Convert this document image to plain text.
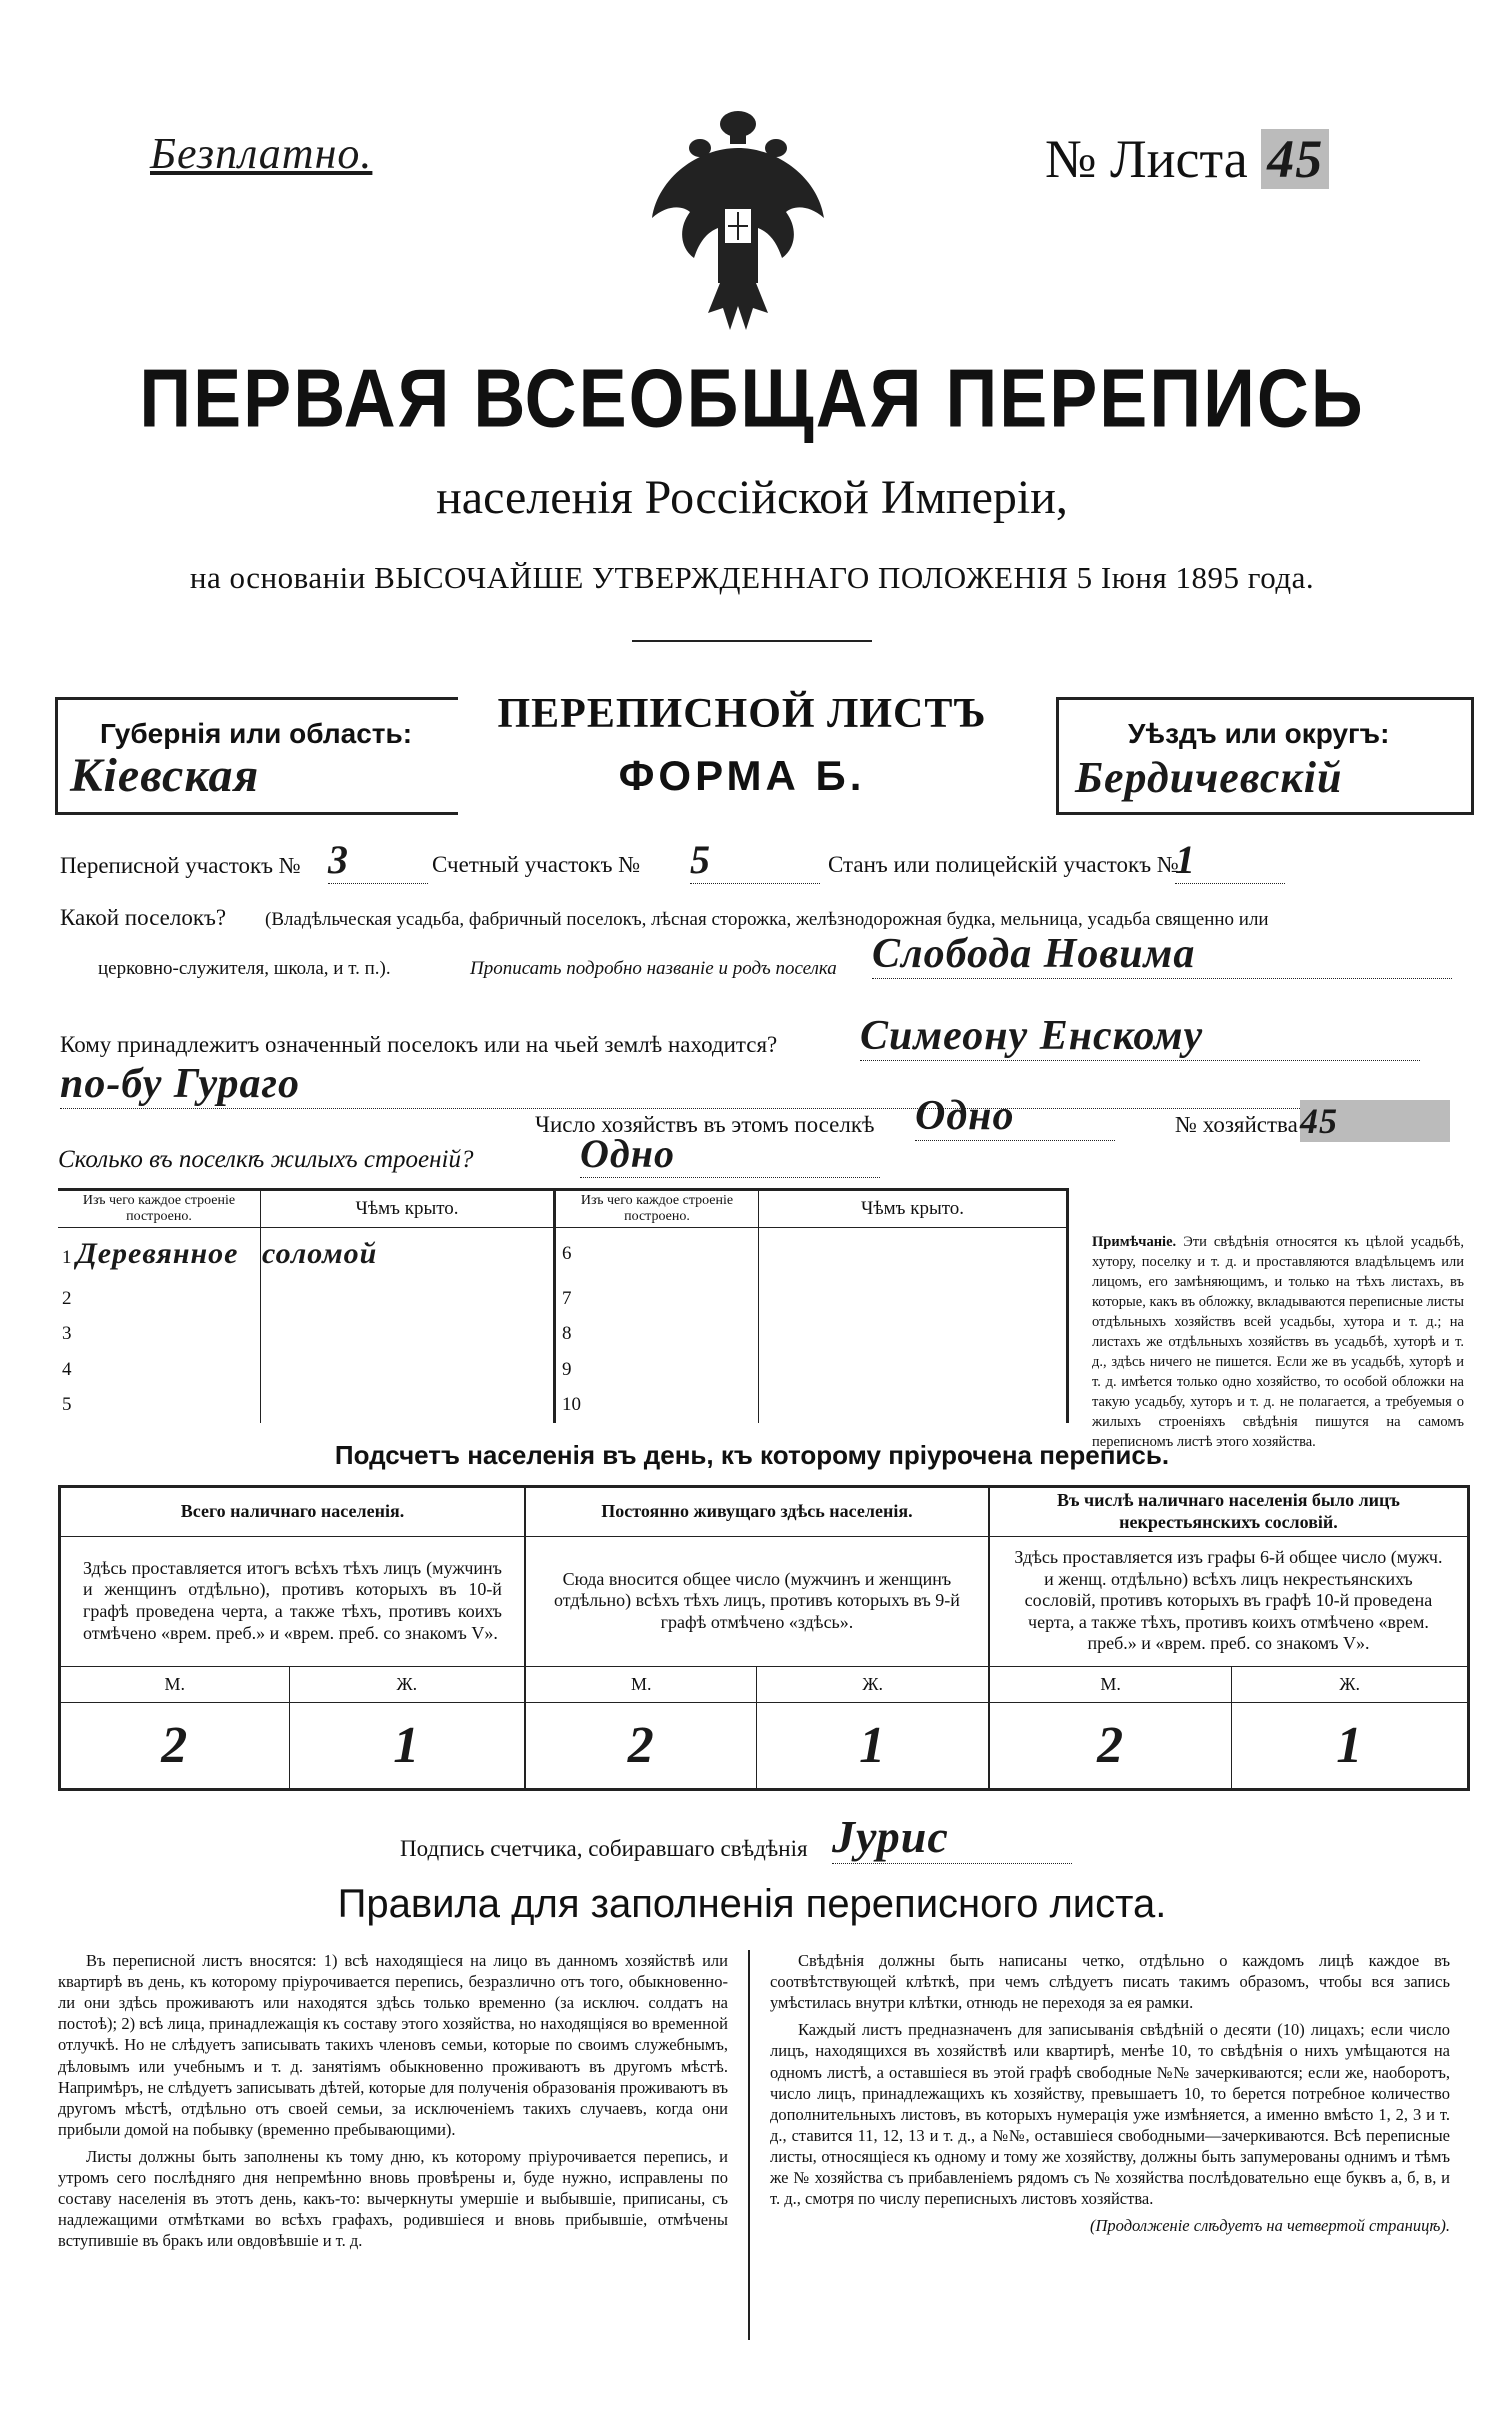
Безплатно.	№ Листа 45
ПЕРВАЯ ВСЕОБЩАЯ ПЕРЕПИСЬ
населенія Россійской Имперіи,
на основаніи ВЫСОЧАЙШЕ УТВЕРЖДЕННАГО ПОЛОЖЕНІЯ 5 Іюня 1895 года.
Губернія или область:
Кіевская
ПЕРЕПИСНОЙ ЛИСТЪ
ФОРМА Б.
Уѣздъ или округъ:
Бердичевскій
Переписной участокъ № 3	Счетный участокъ № 5	Станъ или полицейскій участокъ №
1
Какой поселокъ? (Владѣльческая усадьба, фабричный поселокъ, лѣсная сторожка, желѣзнодорожная будка, мельница, усадьба священно или
церковно-служителя, школа, и т. п.).	Прописать подробно названіе и родъ поселка Слобода Новима
Кому принадлежитъ означенный поселокъ или на чьей землѣ находится? Симеону Енскому
по-бу Гураго
Число хозяйствъ въ этомъ поселкѣ Одно	№ хозяйства 45
Сколько въ поселкѣ жилыхъ строеній?	Одно
Изъ чего каждое строеніе построено.	Чѣмъ крыто.	Изъ чего каждое строеніе построено.	Чѣмъ крыто.
1 Деревянное	соломой	6	
2		7	
3		8	
4		9	
5		10	
Примѣчаніе. Эти свѣдѣнія относятся къ цѣлой усадьбѣ, хутору, поселку и т. д. и проставляются владѣльцемъ или лицомъ, его замѣняющимъ, и только на тѣхъ листахъ, въ которые, какъ въ обложку, вкладываются переписные листы отдѣльныхъ хозяйствъ всей усадьбы, хутора и т. д.; на листахъ же отдѣльныхъ хозяйствъ въ усадьбѣ, хуторѣ и т. д., здѣсь ничего не пишется. Если же въ усадьбѣ, хуторѣ и т. д. имѣется только одно хозяйство, то особой обложки на такую усадьбу, хуторъ и т. д. не полагается, а требуемыя о жилыхъ строеніяхъ свѣдѣнія пишутся на самомъ переписномъ листѣ этого хозяйства.
Подсчетъ населенія въ день, къ которому пріурочена перепись.
Всего наличнаго населенія.		Постоянно живущаго здѣсь населенія.		Въ числѣ наличнаго населенія было лицъ некрестьянскихъ сословій.	
Здѣсь проставляется итогъ всѣхъ тѣхъ лицъ (мужчинъ и женщинъ отдѣльно), противъ которыхъ въ 10-й графѣ проведена черта, а также тѣхъ, противъ коихъ отмѣчено «врем. преб.» и «врем. преб. со знакомъ V».		Сюда вносится общее число (мужчинъ и женщинъ отдѣльно) всѣхъ тѣхъ лицъ, противъ которыхъ въ 9-й графѣ отмѣчено «здѣсь».		Здѣсь проставляется изъ графы 6-й общее число (мужч. и женщ. отдѣльно) всѣхъ лицъ некрестьянскихъ сословій, противъ которыхъ въ графѣ 10-й проведена черта, а также тѣхъ, противъ коихъ отмѣчено «врем. преб.» и «врем. преб. со знакомъ V».	
М.	Ж.	М.	Ж.	М.	Ж.
2	1	2	1	2	1
Подпись счетчика, собиравшаго свѣдѣнія Јурис
Правила для заполненія переписного листа.

Въ переписной листъ вносятся: 1) всѣ находящіеся на лицо въ данномъ хозяйствѣ или квартирѣ въ день, къ которому пріурочивается перепись, безразлично отъ того, обыкновенно-ли они здѣсь проживаютъ или находятся здѣсь только временно (за исключ. солдатъ на постоѣ); 2) всѣ лица, принадлежащія къ составу этого хозяйства, но находящіяся во временной отлучкѣ. Но не слѣдуетъ записывать такихъ членовъ семьи, которые по своимъ служебнымъ, дѣловымъ или учебнымъ и т. д. занятіямъ обыкновенно проживаютъ въ другомъ мѣстѣ. Напримѣръ, не слѣдуетъ записывать дѣтей, которые для полученія образованія проживаютъ въ другомъ мѣстѣ, отдѣльно отъ своей семьи, за исключеніемъ такихъ случаевъ, когда они прибыли домой на побывку (временно пребывающими).

Листы должны быть заполнены къ тому дню, къ которому пріурочивается перепись, и утромъ сего послѣдняго дня непремѣнно вновь провѣрены и, буде нужно, исправлены по составу населенія въ этотъ день, какъ-то: вычеркнуты умершіе и выбывшіе, приписаны, съ надлежащими отмѣтками во всѣхъ графахъ, родившіеся и вновь прибывшіе, отмѣчены вступившіе въ бракъ или овдовѣвшіе и т. д.

Свѣдѣнія должны быть написаны четко, отдѣльно о каждомъ лицѣ каждое въ соотвѣтствующей клѣткѣ, при чемъ слѣдуетъ писать такимъ образомъ, чтобы вся запись умѣстилась внутри клѣтки, отнюдь не переходя за ея рамки.

Каждый листъ предназначенъ для записыванія свѣдѣній о десяти (10) лицахъ; если число лицъ, находящихся въ хозяйствѣ или квартирѣ, менѣе 10, то свѣдѣнія о нихъ умѣщаются на одномъ листѣ, а оставшіеся въ этой графѣ свободные №№ зачеркиваются; если же, наоборотъ, число лицъ, принадлежащихъ къ хозяйству, превышаетъ 10, то берется потребное количество дополнительныхъ листовъ, въ которыхъ нумерація уже измѣняется, а именно вмѣсто 1, 2, 3 и т. д., ставится 11, 12, 13 и т. д., а №№, оставшіеся свободными—зачеркиваются. Всѣ переписные листы, относящіеся къ одному и тому же хозяйству, должны быть запумерованы однимъ и тѣмъ же № хозяйства съ прибавленіемъ рядомъ съ № хозяйства послѣдовательно еще буквъ а, б, в, и т. д., смотря по числу переписныхъ листовъ хозяйства.

(Продолженіе слѣдуетъ на четвертой страницѣ).
